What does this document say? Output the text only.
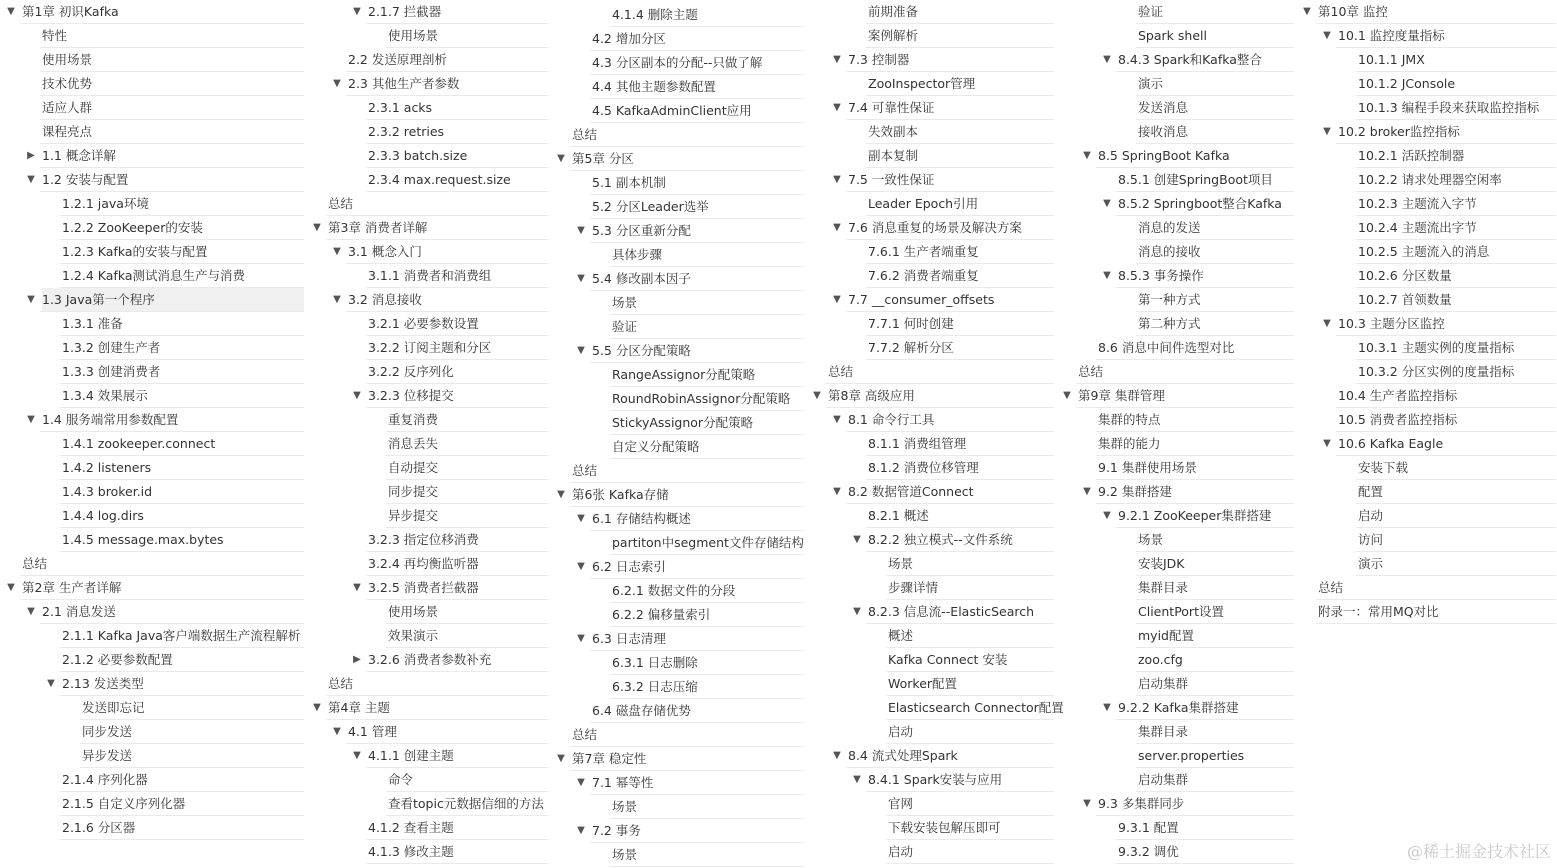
▼ 第1章 初识Kafka
特性
使用场景
技术优势
适应人群
课程亮点
▶ 1.1 概念详解
▼ 1.2 安装与配置
1.2.1 java环境
1.2.2 ZooKeeper的安装
1.2.3 Kafka的安装与配置
1.2.4 Kafka测试消息生产与消费
▼ 1.3 Java第一个程序
1.3.1 准备
1.3.2 创建生产者
1.3.3 创建消费者
1.3.4 效果展示
▼ 1.4 服务端常用参数配置
1.4.1 zookeeper.connect
1.4.2 listeners
1.4.3 broker.id
1.4.4 log.dirs
1.4.5 message.max.bytes
总结
▼ 第2章 生产者详解
▼ 2.1 消息发送
2.1.1 Kafka Java客户端数据生产流程解析
2.1.2 必要参数配置
▼ 2.13 发送类型
发送即忘记
同步发送
异步发送
2.1.4 序列化器
2.1.5 自定义序列化器
2.1.6 分区器
▼ 2.1.7 拦截器
使用场景
2.2 发送原理剖析
▼ 2.3 其他生产者参数
2.3.1 acks
2.3.2 retries
2.3.3 batch.size
2.3.4 max.request.size
总结
▼ 第3章 消费者详解
▼ 3.1 概念入门
3.1.1 消费者和消费组
▼ 3.2 消息接收
3.2.1 必要参数设置
3.2.2 订阅主题和分区
3.2.2 反序列化
▼ 3.2.3 位移提交
重复消费
消息丢失
自动提交
同步提交
异步提交
3.2.3 指定位移消费
3.2.4 再均衡监听器
▼ 3.2.5 消费者拦截器
使用场景
效果演示
▶ 3.2.6 消费者参数补充
总结
▼ 第4章 主题
▼ 4.1 管理
▼ 4.1.1 创建主题
命令
查看topic元数据信细的方法
4.1.2 查看主题
4.1.3 修改主题
4.1.4 删除主题
4.2 增加分区
4.3 分区副本的分配--只做了解
4.4 其他主题参数配置
4.5 KafkaAdminClient应用
总结
▼ 第5章 分区
5.1 副本机制
5.2 分区Leader选举
▼ 5.3 分区重新分配
具体步骤
▼ 5.4 修改副本因子
场景
验证
▼ 5.5 分区分配策略
RangeAssignor分配策略
RoundRobinAssignor分配策略
StickyAssignor分配策略
自定义分配策略
总结
▼ 第6张 Kafka存储
▼ 6.1 存储结构概述
partiton中segment文件存储结构
▼ 6.2 日志索引
6.2.1 数据文件的分段
6.2.2 偏移量索引
▼ 6.3 日志清理
6.3.1 日志删除
6.3.2 日志压缩
6.4 磁盘存储优势
总结
▼ 第7章 稳定性
▼ 7.1 幂等性
场景
▼ 7.2 事务
场景
前期准备
案例解析
▼ 7.3 控制器
ZooInspector管理
▼ 7.4 可靠性保证
失效副本
副本复制
▼ 7.5 一致性保证
Leader Epoch引用
▼ 7.6 消息重复的场景及解决方案
7.6.1 生产者端重复
7.6.2 消费者端重复
▼ 7.7 __consumer_offsets
7.7.1 何时创建
7.7.2 解析分区
总结
▼ 第8章 高级应用
▼ 8.1 命令行工具
8.1.1 消费组管理
8.1.2 消费位移管理
▼ 8.2 数据管道Connect
8.2.1 概述
▼ 8.2.2 独立模式--文件系统
场景
步骤详情
▼ 8.2.3 信息流--ElasticSearch
概述
Kafka Connect 安装
Worker配置
Elasticsearch Connector配置
启动
▼ 8.4 流式处理Spark
▼ 8.4.1 Spark安装与应用
官网
下载安装包解压即可
启动
验证
Spark shell
▼ 8.4.3 Spark和Kafka整合
演示
发送消息
接收消息
▼ 8.5 SpringBoot Kafka
8.5.1 创建SpringBoot项目
▼ 8.5.2 Springboot整合Kafka
消息的发送
消息的接收
▼ 8.5.3 事务操作
第一种方式
第二种方式
8.6 消息中间件选型对比
总结
▼ 第9章 集群管理
集群的特点
集群的能力
9.1 集群使用场景
▼ 9.2 集群搭建
▼ 9.2.1 ZooKeeper集群搭建
场景
安装JDK
集群目录
ClientPort设置
myid配置
zoo.cfg
启动集群
▼ 9.2.2 Kafka集群搭建
集群目录
server.properties
启动集群
▼ 9.3 多集群同步
9.3.1 配置
9.3.2 调优
▼ 第10章 监控
▼ 10.1 监控度量指标
10.1.1 JMX
10.1.2 JConsole
10.1.3 编程手段来获取监控指标
▼ 10.2 broker监控指标
10.2.1 活跃控制器
10.2.2 请求处理器空闲率
10.2.3 主题流入字节
10.2.4 主题流出字节
10.2.5 主题流入的消息
10.2.6 分区数量
10.2.7 首领数量
▼ 10.3 主题分区监控
10.3.1 主题实例的度量指标
10.3.2 分区实例的度量指标
10.4 生产者监控指标
10.5 消费者监控指标
▼ 10.6 Kafka Eagle
安装下载
配置
启动
访问
演示
总结
附录一：常用MQ对比
@稀土掘金技术社区
